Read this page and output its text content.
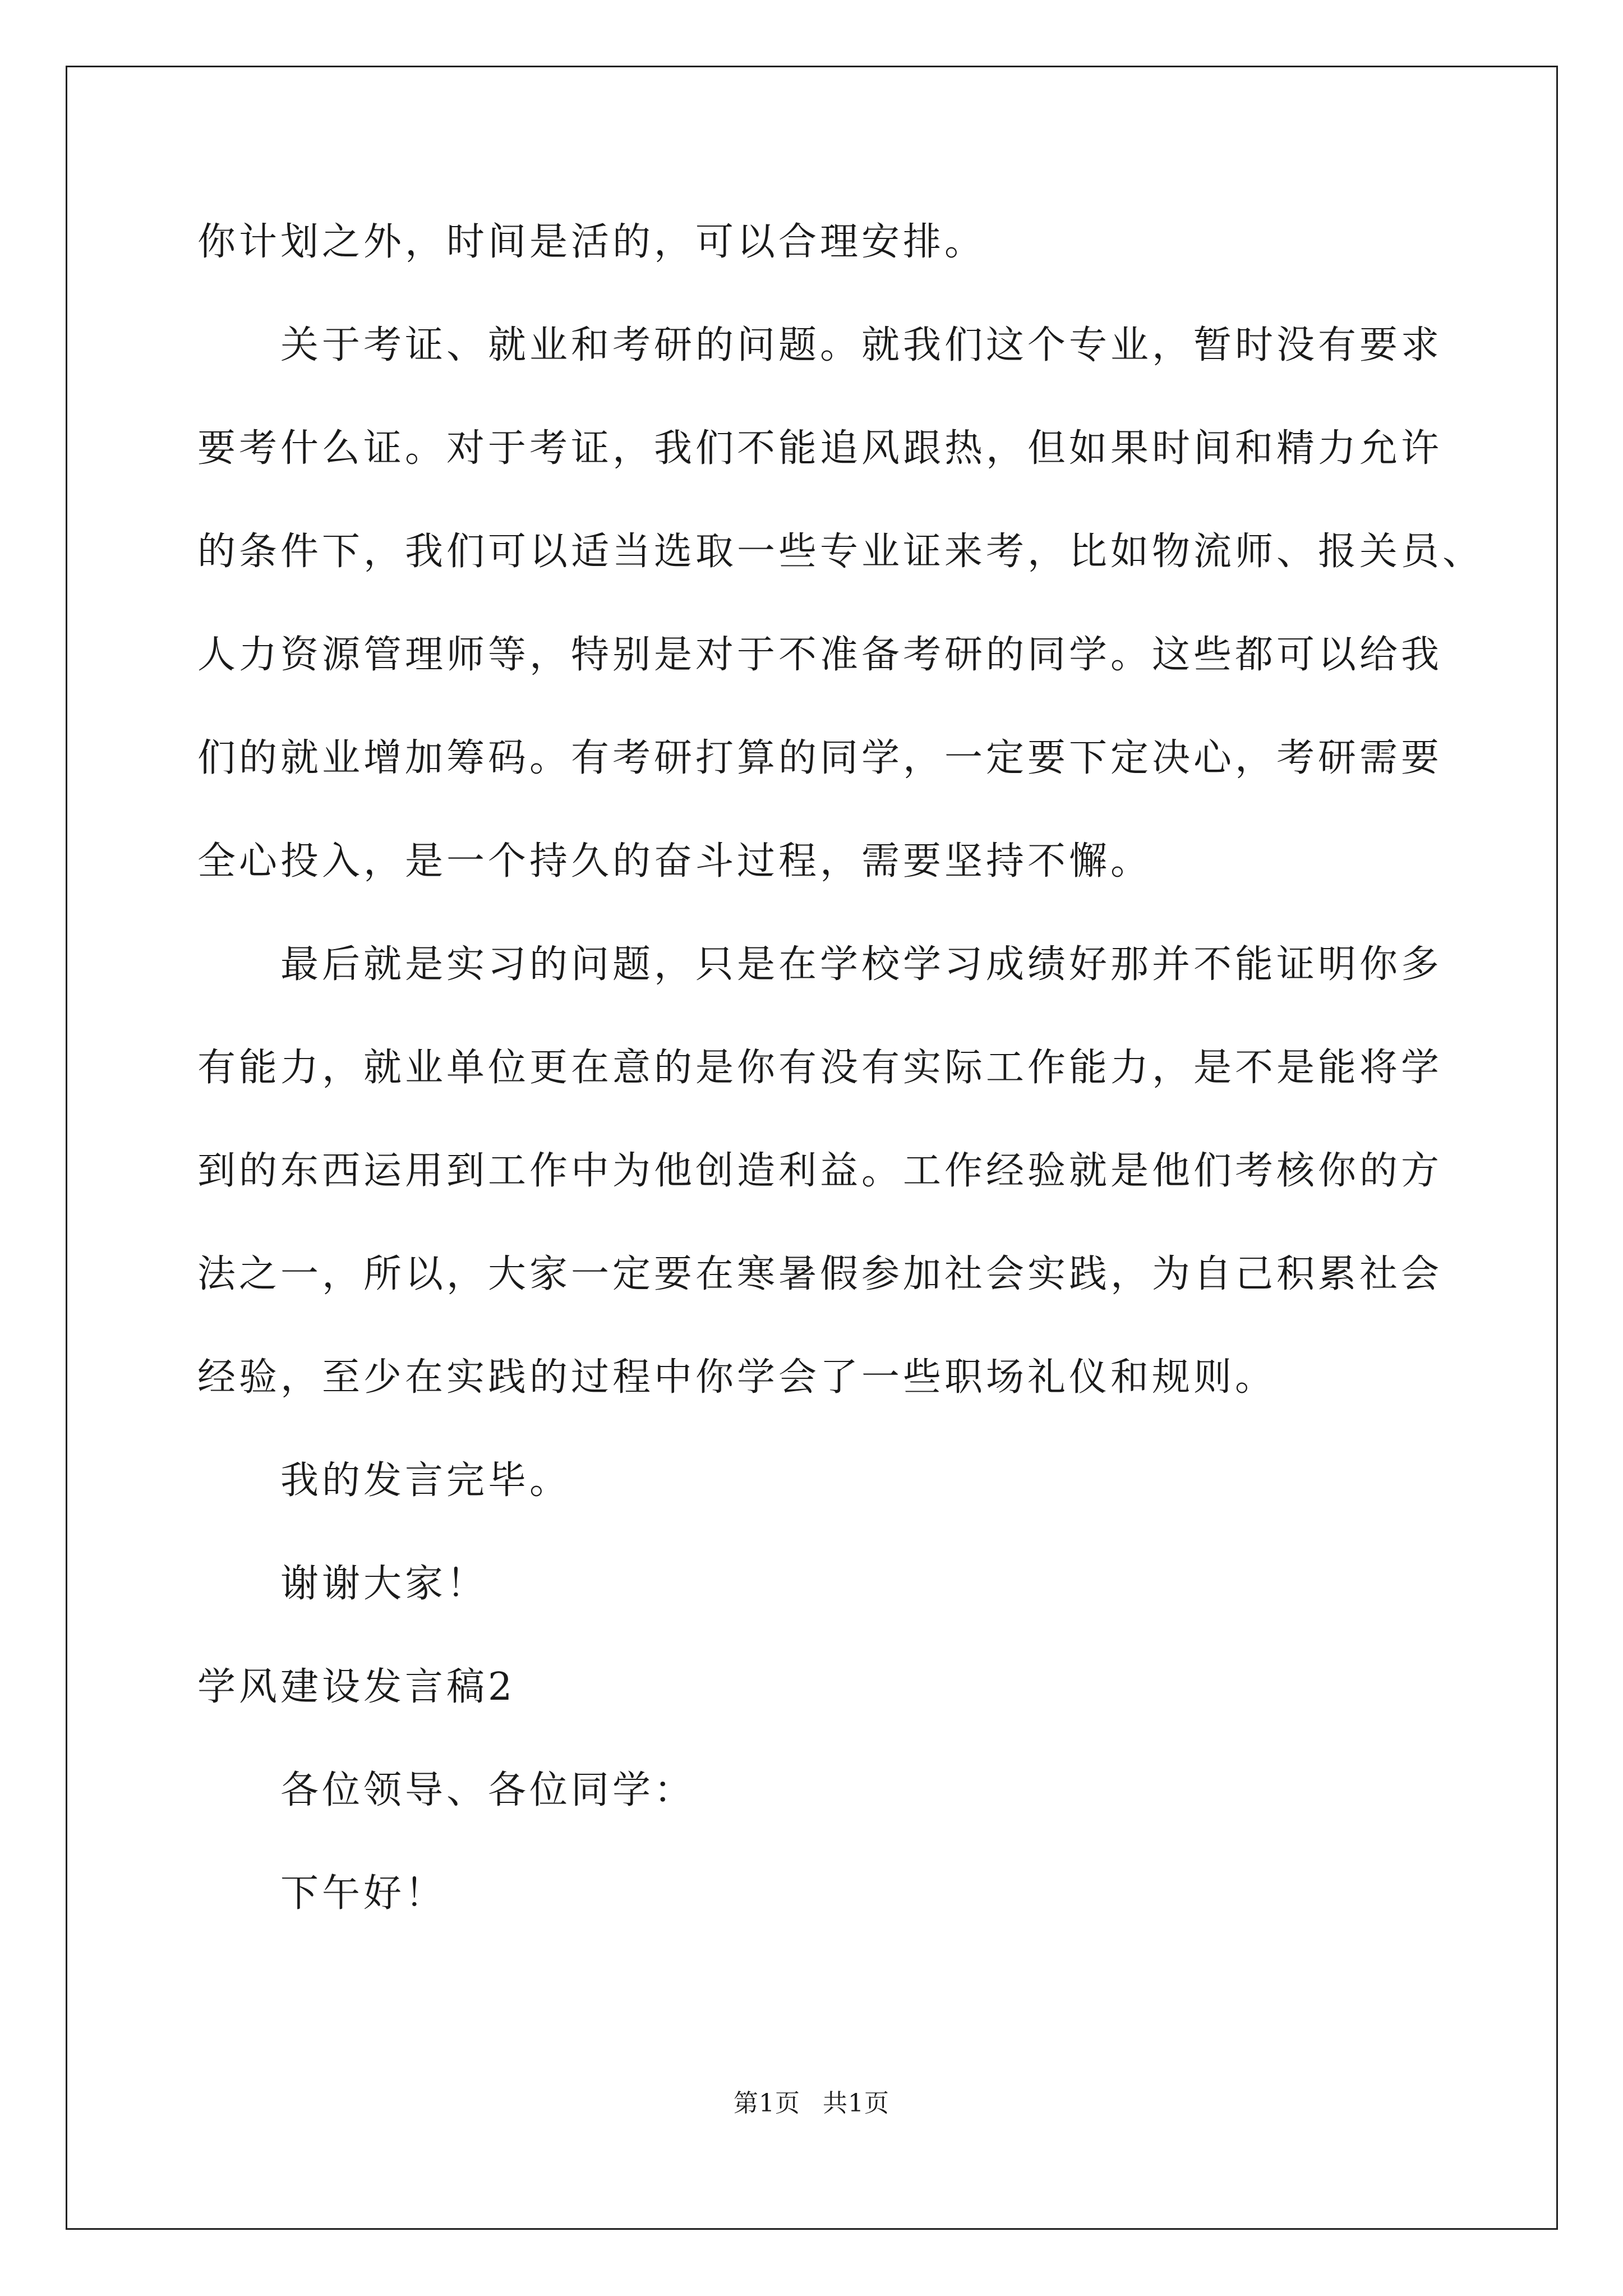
你计划之外，时间是活的，可以合理安排。
关于考证、就业和考研的问题。就我们这个专业，暂时没有要求
要考什么证。对于考证，我们不能追风跟热，但如果时间和精力允许
的条件下，我们可以适当选取一些专业证来考，比如物流师、报关员、
人力资源管理师等，特别是对于不准备考研的同学。这些都可以给我
们的就业增加筹码。有考研打算的同学，一定要下定决心，考研需要
全心投入，是一个持久的奋斗过程，需要坚持不懈。
最后就是实习的问题，只是在学校学习成绩好那并不能证明你多
有能力，就业单位更在意的是你有没有实际工作能力，是不是能将学
到的东西运用到工作中为他创造利益。工作经验就是他们考核你的方
法之一，所以，大家一定要在寒暑假参加社会实践，为自己积累社会
经验，至少在实践的过程中你学会了一些职场礼仪和规则。
我的发言完毕。
谢谢大家！
学风建设发言稿2
各位领导、各位同学：
下午好！
第1页 共1页
